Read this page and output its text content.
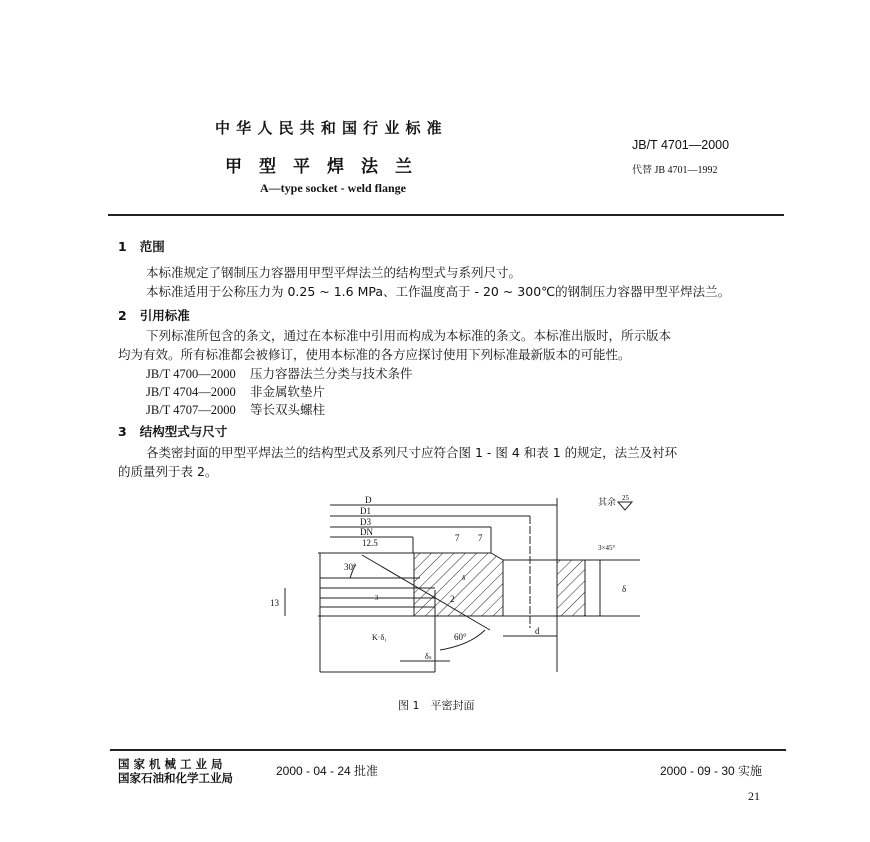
中 华 人 民 共 和 国 行 业 标 准
甲　型　平　焊　法　兰
A—type socket - weld flange
JB/T 4701—2000
代替 JB 4701—1992
1 范围
本标准规定了钢制压力容器用甲型平焊法兰的结构型式与系列尺寸。
本标准适用于公称压力为 0.25 ~ 1.6 MPa、工作温度高于 - 20 ~ 300℃的钢制压力容器甲型平焊法兰。
2 引用标准
下列标准所包含的条文，通过在本标准中引用而构成为本标准的条文。本标准出版时，所示版本
均为有效。所有标准都会被修订，使用本标准的各方应探讨使用下列标准最新版本的可能性。
JB/T 4700—2000 压力容器法兰分类与技术条件
JB/T 4704—2000 非金属软垫片
JB/T 4707—2000 等长双头螺柱
3 结构型式与尺寸
各类密封面的甲型平焊法兰的结构型式及系列尺寸应符合图 1 - 图 4 和表 1 的规定，法兰及衬环
的质量列于表 2。
D
D1
D3
DN
12.5
其余 25
30°
60°
7 7
3×45°
δ
d
13	2
3
K·δ₁
δₛ
δ
图 1　平密封面
国 家 机 械 工 业 局
国家石油和化学工业局	2000 - 04 - 24 批准	2000 - 09 - 30 实施
21
